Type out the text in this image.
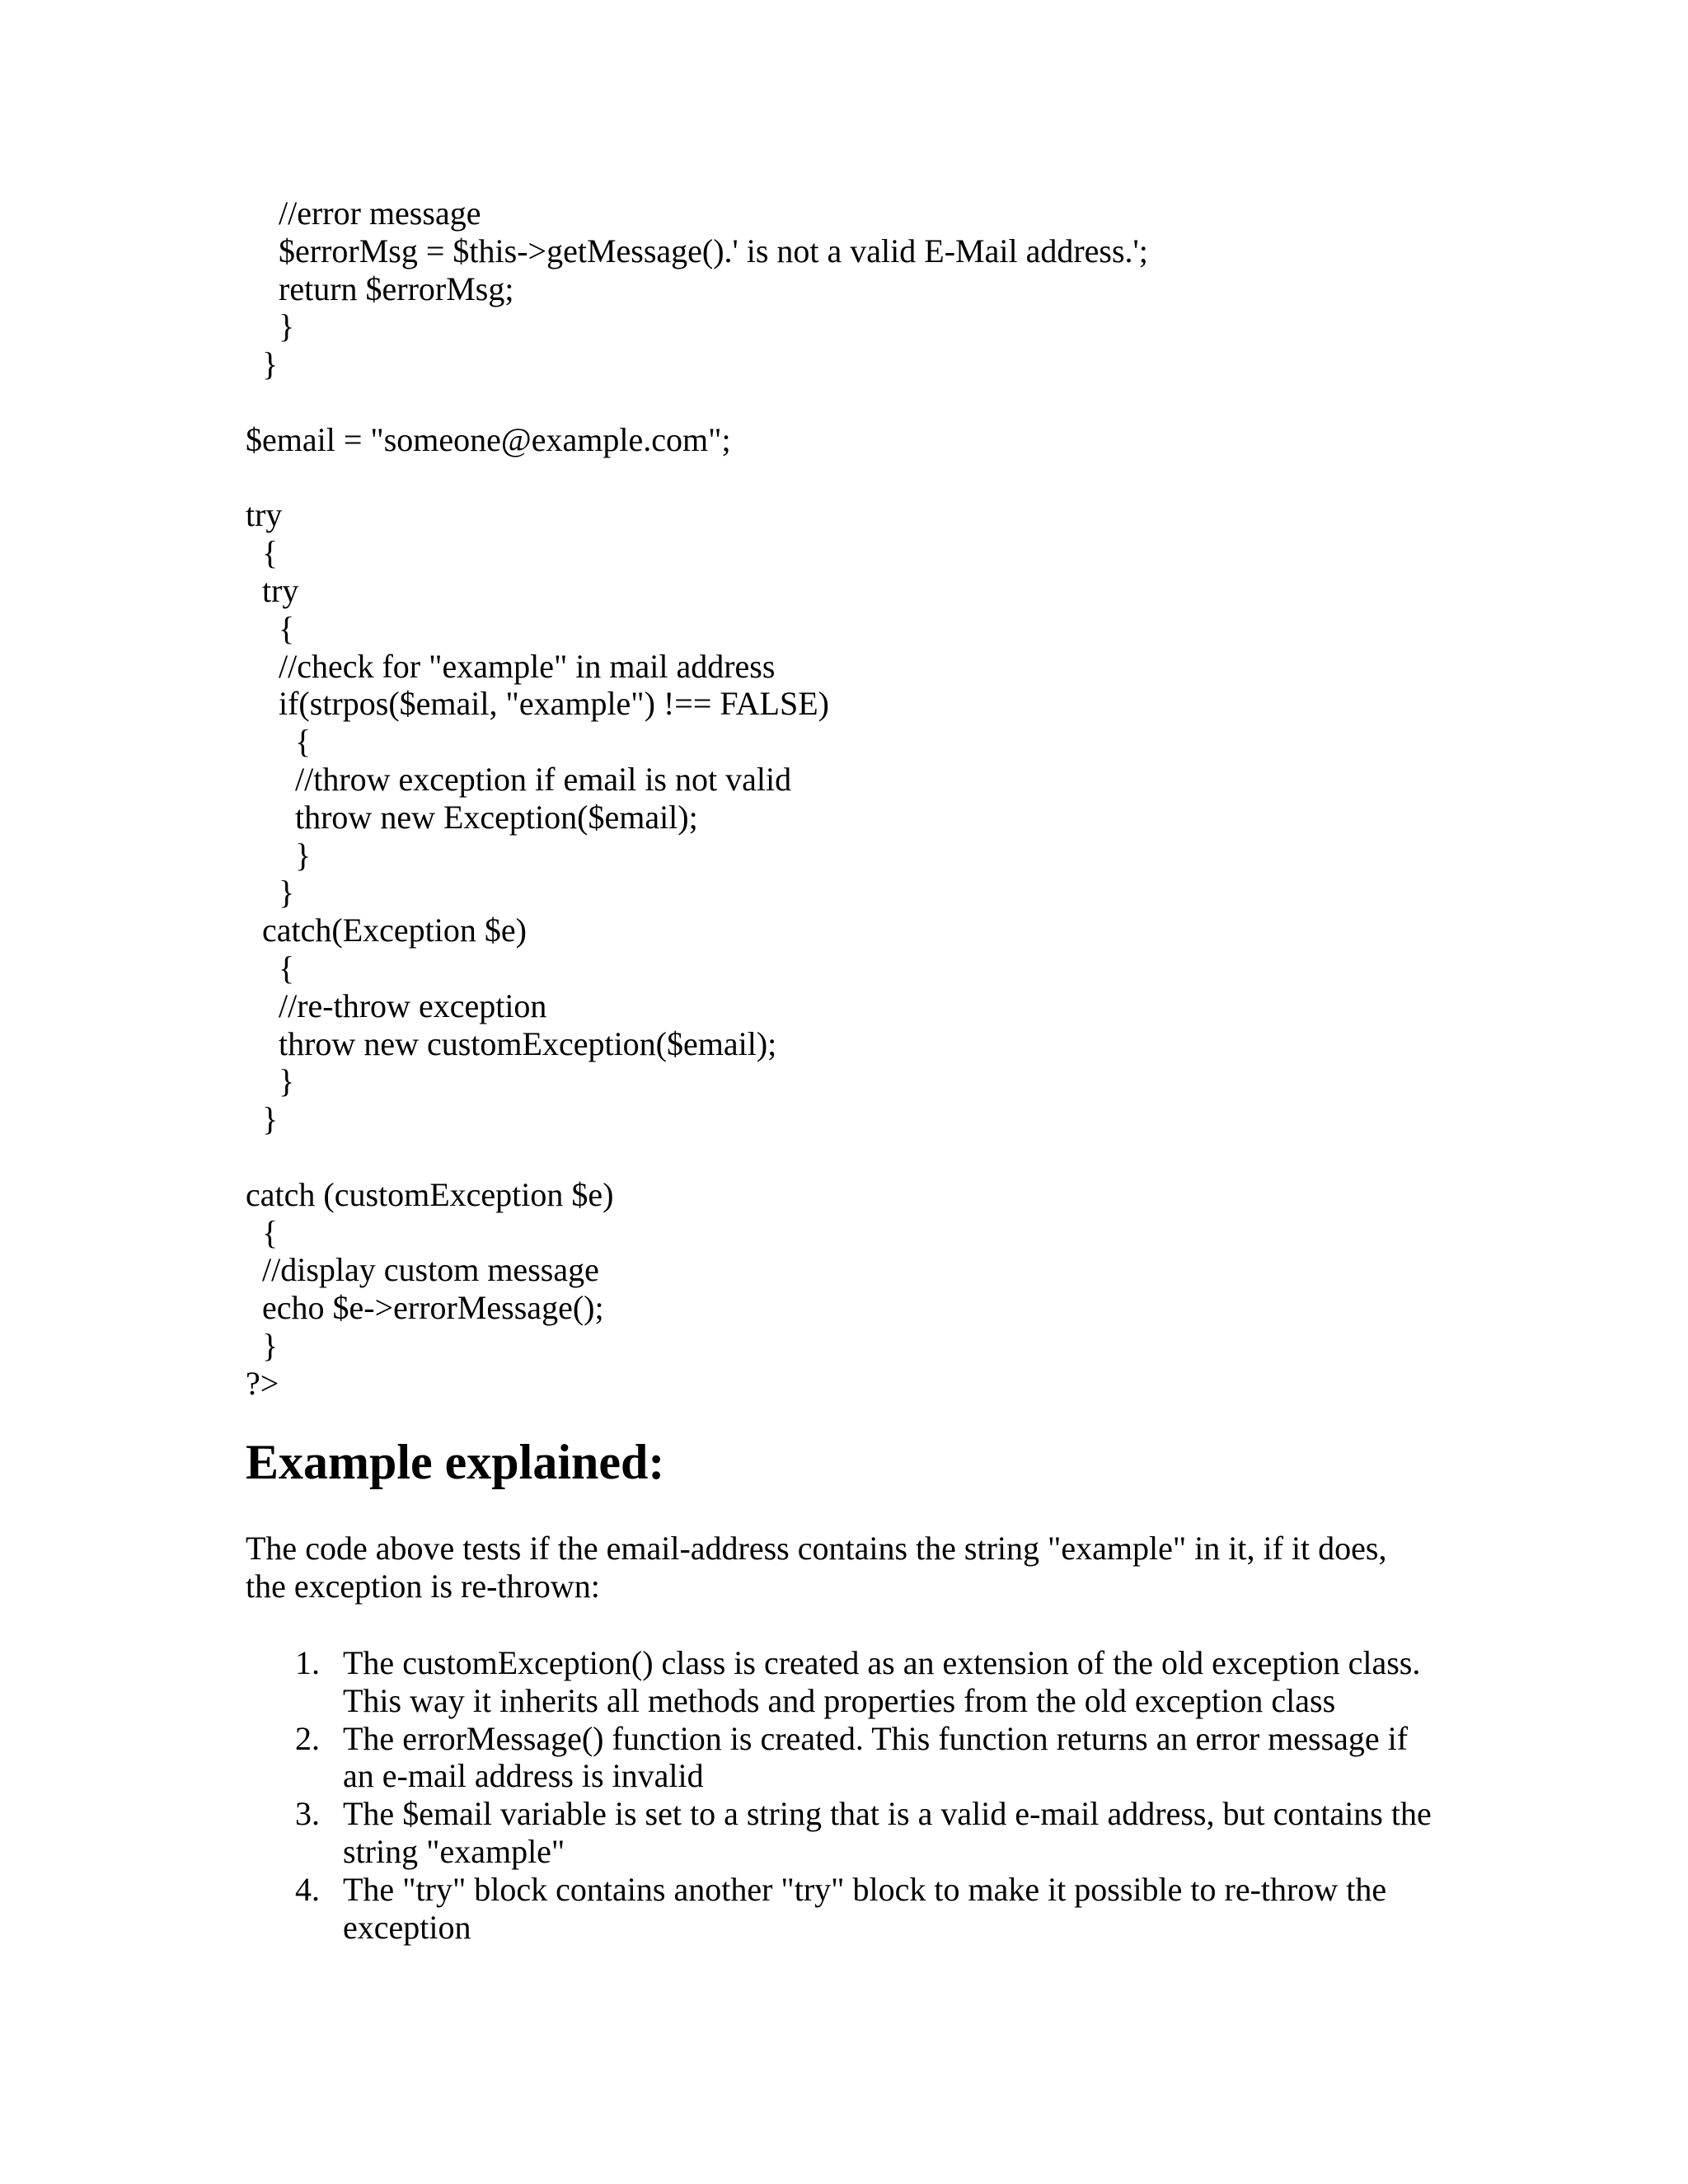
//error message
$errorMsg = $this->getMessage().' is not a valid E-Mail address.';
return $errorMsg;
}
}
$email = "someone@example.com";
try
{
try
{
//check for "example" in mail address
if(strpos($email, "example") !== FALSE)
{
//throw exception if email is not valid
throw new Exception($email);
}
}
catch(Exception $e)
{
//re-throw exception
throw new customException($email);
}
}
catch (customException $e)
{
//display custom message
echo $e->errorMessage();
}
?>
Example explained:

The code above tests if the email-address contains the string "example" in it, if it does, the exception is re-thrown:

1. The customException() class is created as an extension of the old exception class. This way it inherits all methods and properties from the old exception class
2. The errorMessage() function is created. This function returns an error message if an e-mail address is invalid
3. The $email variable is set to a string that is a valid e-mail address, but contains the string "example"
4. The "try" block contains another "try" block to make it possible to re-throw the exception
